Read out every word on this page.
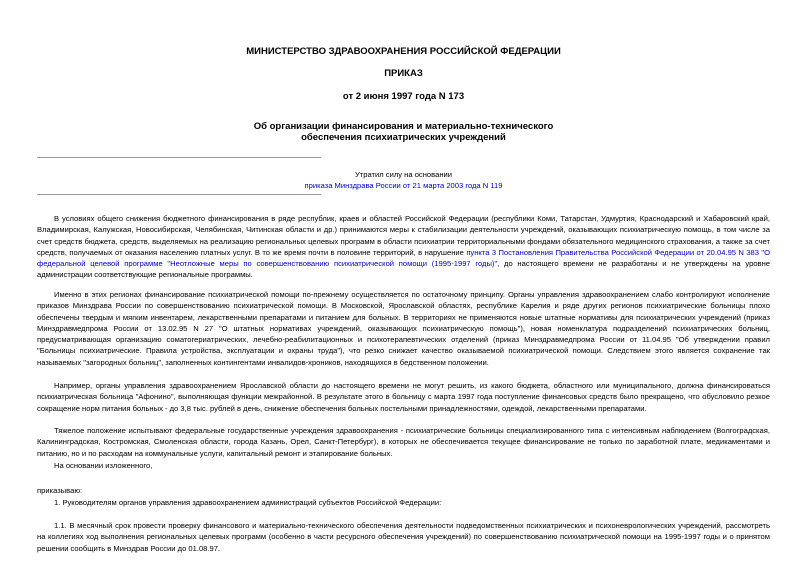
МИНИСТЕРСТВО ЗДРАВООХРАНЕНИЯ РОССИЙСКОЙ ФЕДЕРАЦИИ
ПРИКАЗ
от 2 июня 1997 года N 173
Об организации финансирования и материально-технического
обеспечения психиатрических учреждений
Утратил силу на основании
приказа Минздрава России от 21 марта 2003 года N 119

В условиях общего снижения бюджетного финансирования в ряде республик, краев и областей Российской Федерации (республики Коми, Татарстан, Удмуртия, Краснодарский и Хабаровский край, Владимирская, Калужская, Новосибирская, Челябинская, Читинская области и др.) принимаются меры к стабилизации деятельности учреждений, оказывающих психиатрическую помощь, в том числе за счет средств бюджета, средств, выделяемых на реализацию региональных целевых программ в области психиатрии территориальными фондами обязательного медицинского страхования, а также за счет средств, получаемых от оказания населению платных услуг. В то же время почти в половине территорий, в нарушение пункта 3 Постановления Правительства Российской Федерации от 20.04.95 N 383 "О федеральной целевой программе "Неотложные меры по совершенствованию психиатрической помощи (1995-1997 годы)", до настоящего времени не разработаны и не утверждены на уровне администрации соответствующие региональные программы.

Именно в этих регионах финансирование психиатрической помощи по-прежнему осуществляется по остаточному принципу. Органы управления здравоохранением слабо контролируют исполнение приказов Минздрава России по совершенствованию психиатрической помощи. В Московской, Ярославской областях, республике Карелия и ряде других регионов психиатрические больницы плохо обеспечены твердым и мягким инвентарем, лекарственными препаратами и питанием для больных. В территориях не применяются новые штатные нормативы для психиатрических учреждений (приказ Минздравмедпрома России от 13.02.95 N 27 "О штатных нормативах учреждений, оказывающих психиатрическую помощь"), новая номенклатура подразделений психиатрических больниц, предусматривающая организацию соматогериатрических, лечебно-реабилитационных и психотерапевтических отделений (приказ Минздравмедпрома России от 11.04.95 "Об утверждении правил "Больницы психиатрические. Правила устройства, эксплуатации и охраны труда"), что резко снижает качество оказываемой психиатрической помощи. Следствием этого является сохранение так называемых "загородных больниц", заполненных контингентами инвалидов-хроников, находящихся в бедственном положении.

Например, органы управления здравоохранением Ярославской области до настоящего времени не могут решить, из какого бюджета, областного или муниципального, должна финансироваться психиатрическая больница "Афонино", выполняющая функции межрайонной. В результате этого в больницу с марта 1997 года поступление финансовых средств было прекращено, что обусловило резкое сокращение норм питания больных - до 3,8 тыс. рублей в день, снижение обеспечения больных постельными принадлежностями, одеждой, лекарственными препаратами.

Тяжелое положение испытывают федеральные государственные учреждения здравоохранения - психиатрические больницы специализированного типа с интенсивным наблюдением (Волгоградская, Калининградская, Костромская, Смоленская области, города Казань, Орел, Санкт-Петербург), в которых не обеспечивается текущее финансирование не только по заработной плате, медикаментами и питанию, но и по расходам на коммунальные услуги, капитальный ремонт и этапирование больных.

На основании изложенного,

приказываю:

1. Руководителям органов управления здравоохранением администраций субъектов Российской Федерации:

1.1. В месячный срок провести проверку финансового и материально-технического обеспечения деятельности подведомственных психиатрических и психоневрологических учреждений, рассмотреть на коллегиях ход выполнения региональных целевых программ (особенно в части ресурсного обеспечения учреждений) по совершенствованию психиатрической помощи на 1995-1997 годы и о принятом решении сообщить в Минздрав России до 01.08.97.
